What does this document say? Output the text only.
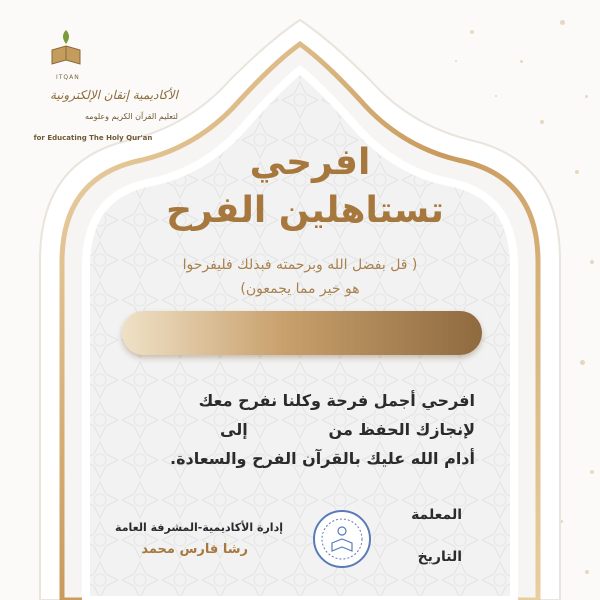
ITQAN
الأكاديمية إتقان الإلكترونية
لتعليم القرآن الكريم وعلومه
for Educating The Holy Qur'an
افرحي
تستاهلين الفرح
( قل بفضل الله وبرحمته فبذلك فليفرحوا
هو خير مما يجمعون)
افرحي أجمل فرحة وكلنا نفرح معك
لإنجازك الحفظ من
إلى
أدام الله عليك بالقرآن الفرح والسعادة.
المعلمة
التاريخ
إدارة الأكاديمية-المشرفة العامة
رشا فارس محمد
